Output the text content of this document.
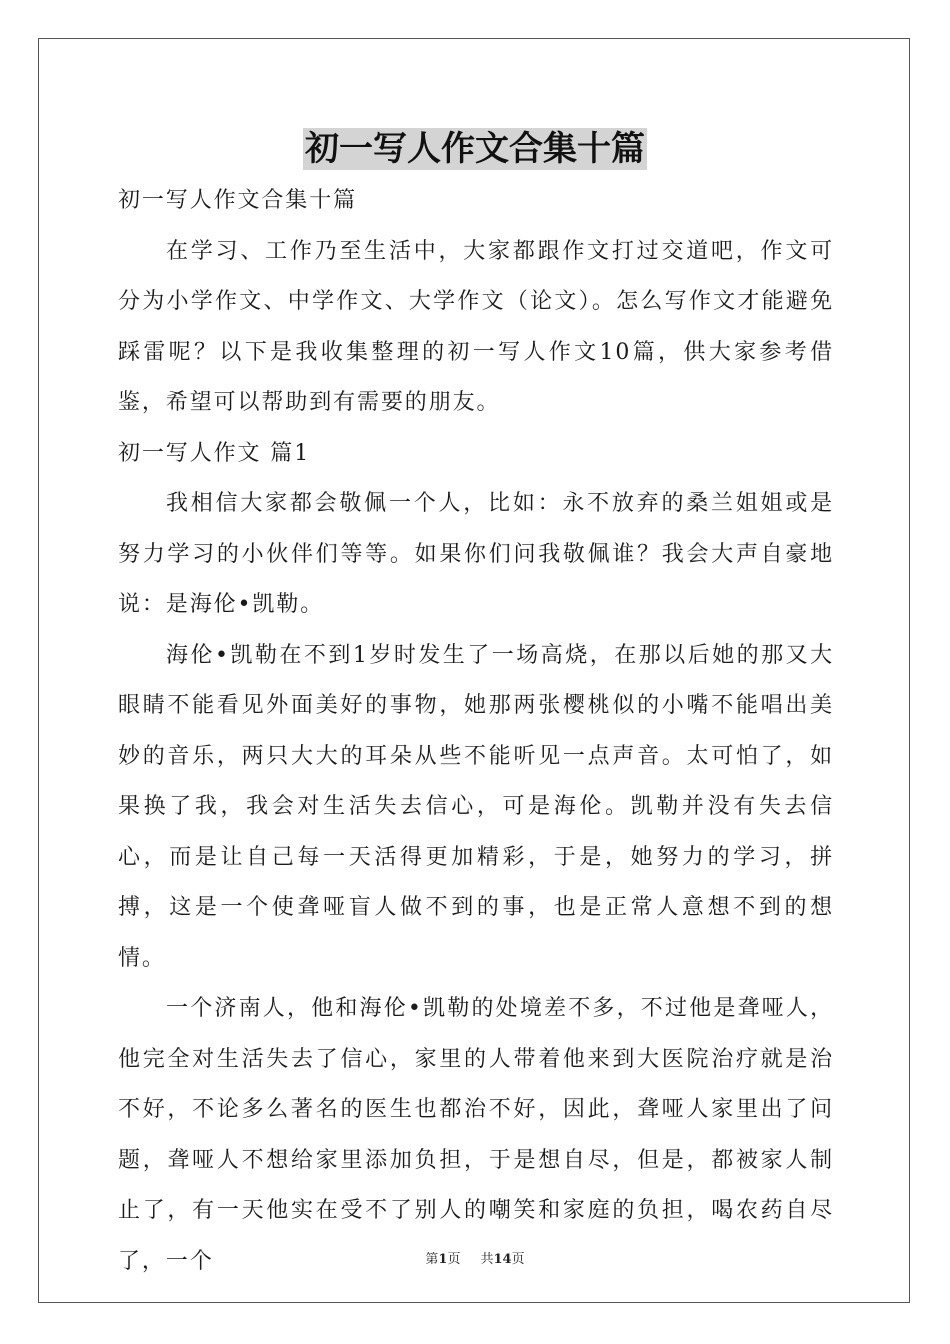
初一写人作文合集十篇

初一写人作文合集十篇

在学习、工作乃至生活中，大家都跟作文打过交道吧，作文可分为小学作文、中学作文、大学作文（论文）。怎么写作文才能避免踩雷呢？以下是我收集整理的初一写人作文10篇，供大家参考借鉴，希望可以帮助到有需要的朋友。

初一写人作文 篇1

我相信大家都会敬佩一个人，比如：永不放弃的桑兰姐姐或是努力学习的小伙伴们等等。如果你们问我敬佩谁？我会大声自豪地说：是海伦•凯勒。

海伦•凯勒在不到1岁时发生了一场高烧，在那以后她的那又大眼睛不能看见外面美好的事物，她那两张樱桃似的小嘴不能唱出美妙的音乐，两只大大的耳朵从些不能听见一点声音。太可怕了，如果换了我，我会对生活失去信心，可是海伦。凯勒并没有失去信心，而是让自己每一天活得更加精彩，于是，她努力的学习，拼搏，这是一个使聋哑盲人做不到的事，也是正常人意想不到的想情。

一个济南人，他和海伦•凯勒的处境差不多，不过他是聋哑人，他完全对生活失去了信心，家里的人带着他来到大医院治疗就是治不好，不论多么著名的医生也都治不好，因此，聋哑人家里出了问题，聋哑人不想给家里添加负担，于是想自尽，但是，都被家人制止了，有一天他实在受不了别人的嘲笑和家庭的负担，喝农药自尽了，一个	第1页 共14页
